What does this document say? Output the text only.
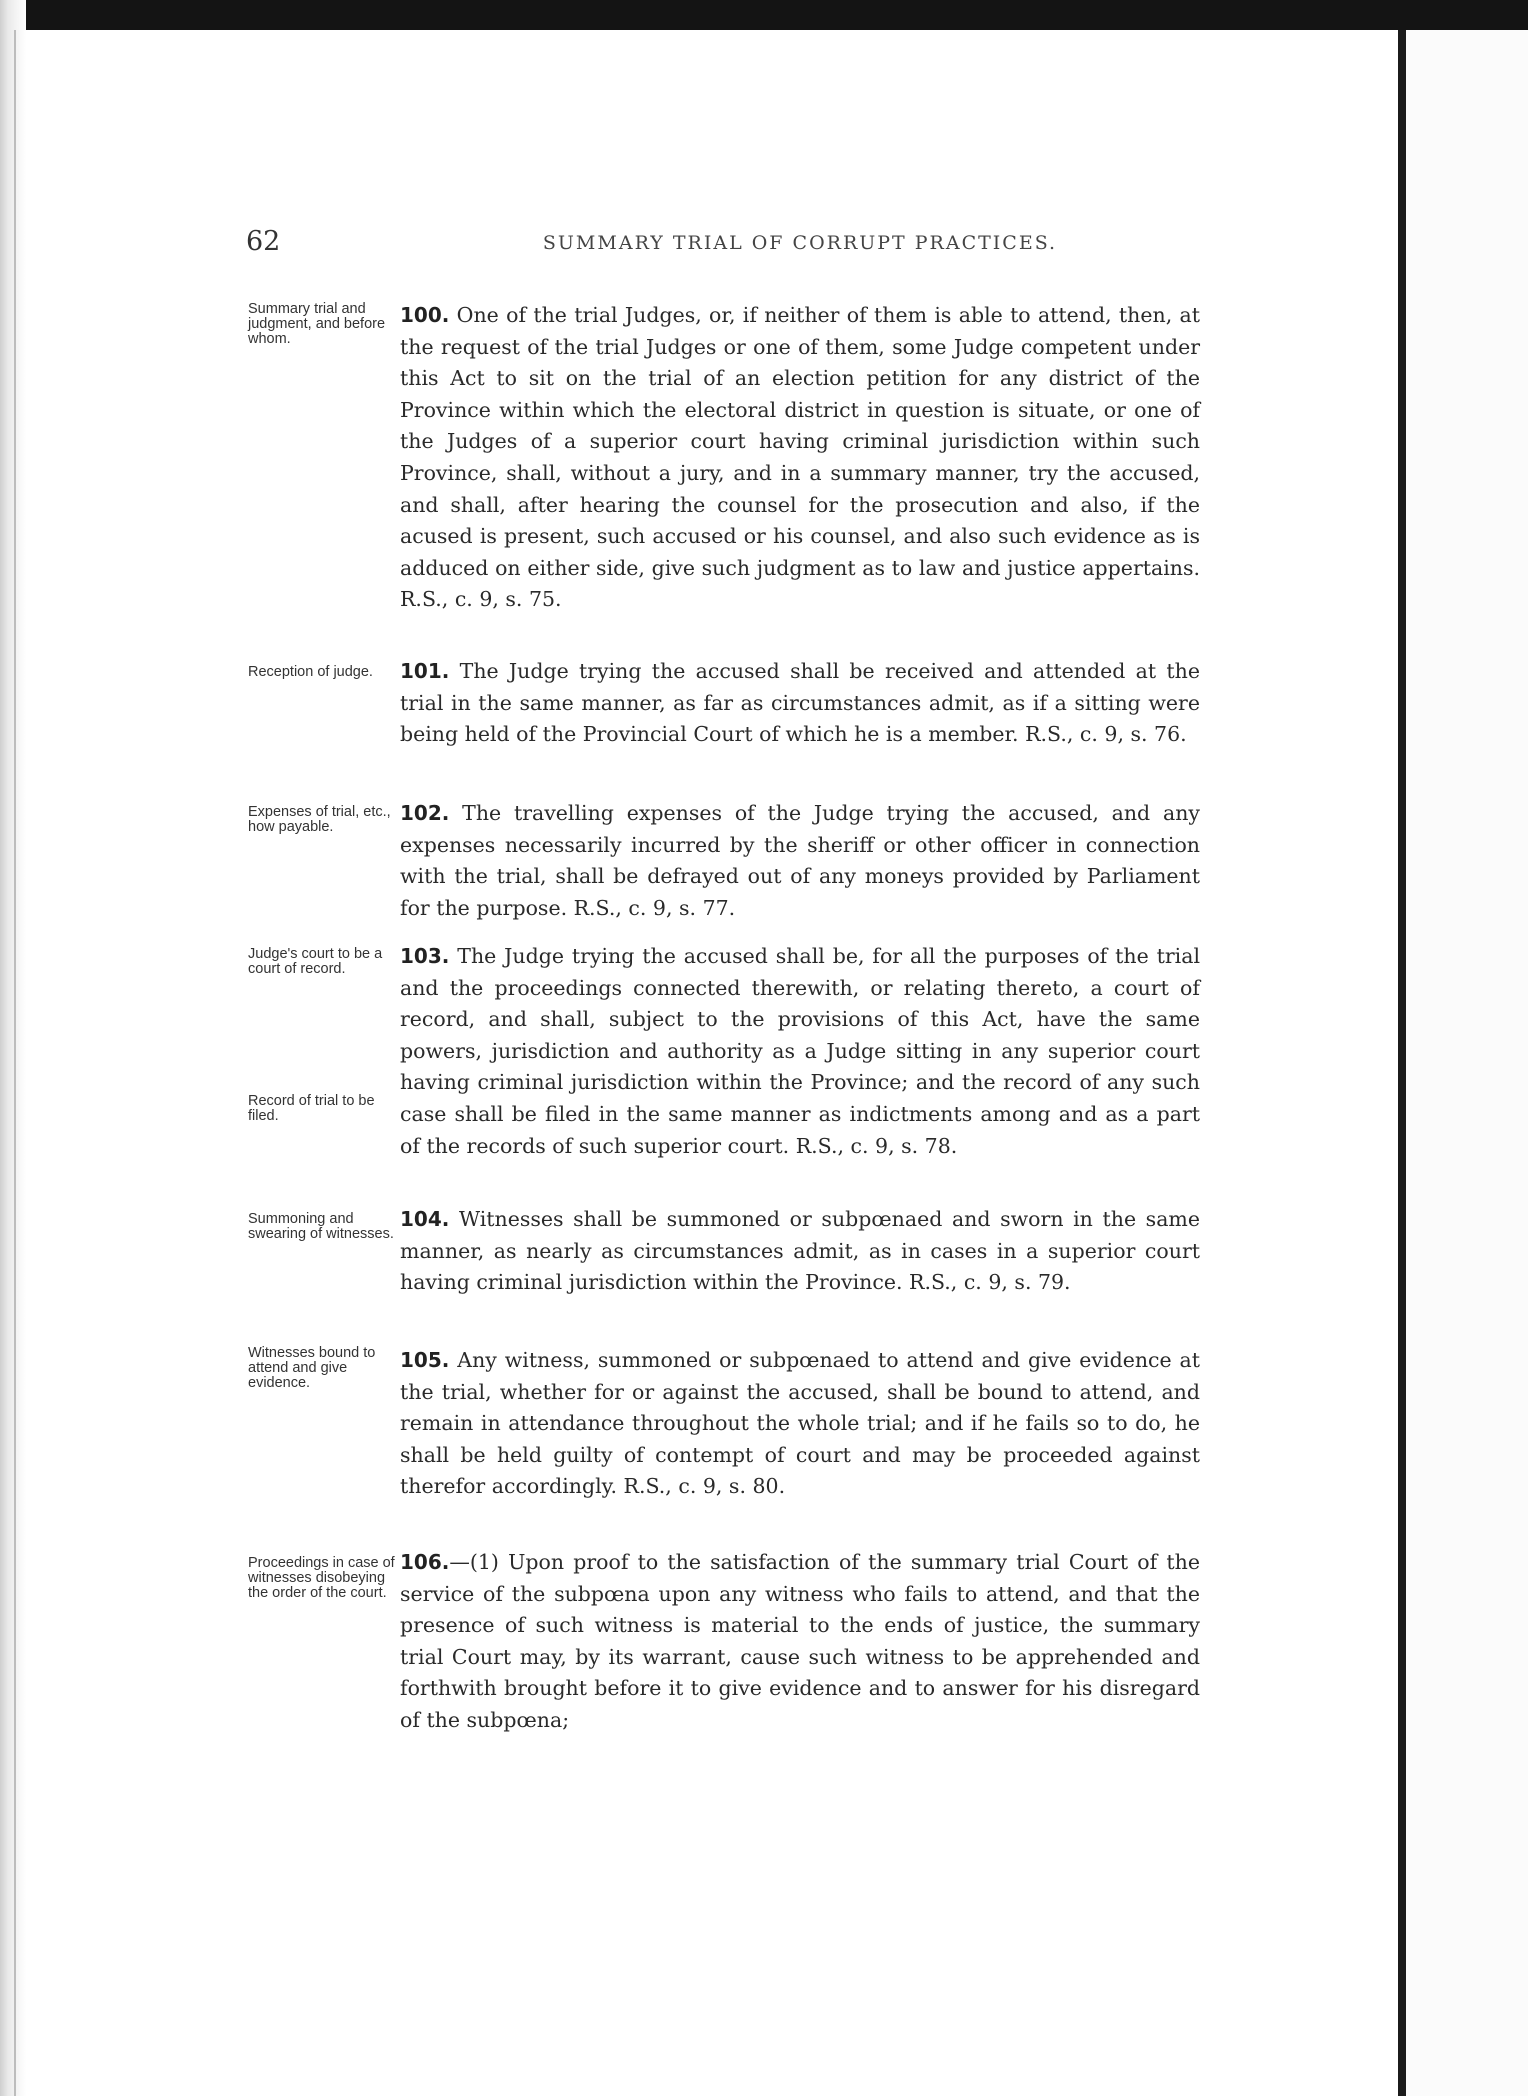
62	SUMMARY TRIAL OF CORRUPT PRACTICES.
Summary trial and judgment, and before whom.
Reception of judge.
Expenses of trial, etc., how payable.
Judge's court to be a court of record.
Record of trial to be filed.
Summoning and swearing of witnesses.
Witnesses bound to attend and give evidence.
Proceedings in case of witnesses disobeying the order of the court.

100. One of the trial Judges, or, if neither of them is able to attend, then, at the request of the trial Judges or one of them, some Judge competent under this Act to sit on the trial of an election petition for any district of the Province within which the electoral district in question is situate, or one of the Judges of a superior court having criminal jurisdiction within such Province, shall, without a jury, and in a summary manner, try the accused, and shall, after hearing the counsel for the prosecution and also, if the acused is present, such accused or his counsel, and also such evidence as is adduced on either side, give such judgment as to law and justice appertains. R.S., c. 9, s. 75.

101. The Judge trying the accused shall be received and attended at the trial in the same manner, as far as circumstances admit, as if a sitting were being held of the Provincial Court of which he is a member. R.S., c. 9, s. 76.

102. The travelling expenses of the Judge trying the accused, and any expenses necessarily incurred by the sheriff or other officer in connection with the trial, shall be defrayed out of any moneys provided by Parliament for the purpose. R.S., c. 9, s. 77.

103. The Judge trying the accused shall be, for all the purposes of the trial and the proceedings connected therewith, or relating thereto, a court of record, and shall, subject to the provisions of this Act, have the same powers, jurisdiction and authority as a Judge sitting in any superior court having criminal jurisdiction within the Province; and the record of any such case shall be filed in the same manner as indictments among and as a part of the records of such superior court. R.S., c. 9, s. 78.

104. Witnesses shall be summoned or subpœnaed and sworn in the same manner, as nearly as circumstances admit, as in cases in a superior court having criminal jurisdiction within the Province. R.S., c. 9, s. 79.

105. Any witness, summoned or subpœnaed to attend and give evidence at the trial, whether for or against the accused, shall be bound to attend, and remain in attendance throughout the whole trial; and if he fails so to do, he shall be held guilty of contempt of court and may be proceeded against therefor accordingly. R.S., c. 9, s. 80.

106.—(1) Upon proof to the satisfaction of the summary trial Court of the service of the subpœna upon any witness who fails to attend, and that the presence of such witness is material to the ends of justice, the summary trial Court may, by its warrant, cause such witness to be apprehended and forthwith brought before it to give evidence and to answer for his disregard of the subpœna;
